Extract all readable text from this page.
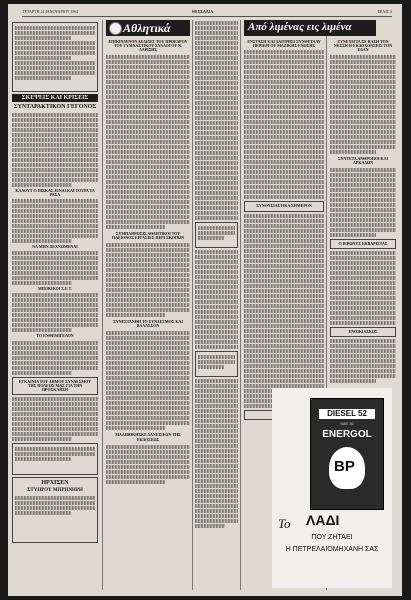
ΤΕΤΑΡΤΗ 24 ΙΑΝΟΥΑΡΙΟΥ 1962	ΘΕΣΣΑΛΙΑ	ΣΕΛΙΣ 3
ΣΚΕΨΕΙΣ ΚΑΙ ΚΡΙΣΕΙΣ
ΣΥΝΤΑΡΑΚΤΙΚΟΝ ΓΕΓΟΝΟΣ
ΚΛΑΟΥΤ Ο ΠΙΣΚΑΣ ΕΙΝΑΙ ΚΑΙ ΤΟΥΡΑ ΤΑ ΡΑΣΑ
ΝΑ ΜΗΝ ΞΕΧΝΩΜΕΝΑΙ
ΜΠΟΚΙΚΟΙ Σ.Ε.Τ.
ΤΟ ΕΝΘΕΜΙΓΕΛΟΝ
ΕΓΚΑΙΝΙΑ ΤΟΥ ΔΗΜΟΥ ΣΥΝΔΕΣΜΟΥ ΤΗΣ ΠΟΛΕΩΣ ΜΑΣ ΓΙΑ ΤΗΝ ΠΡΟΣΚΛΗΣΗ
ΗΡΧΙΣΕΝ
ΣΤΥΠΡΟΥ ΜΠΡΗΝΗΡΗ
Αθλητικά
ΕΠΙΚΙΝΔΥΝΟΝ ΔΕΔΙΔΥΣ ΤΟΥ ΠΡΟΕΔΡΟΥ ΤΟΥ ΓΥΜΝΑΣΤΙΚΟΥ ΣΥΛΛΟΓΟΥ Ν. ΛΑΡΙΣΗΣ
ΣΥΜΠΛΗΡΩΣΙΣ ΑΘΛΗΤΙΚΟΙ ΤΟΥ ΠΛΕΙΟΝΟΣ ΕΡΓΑΣΙΕΣ ΠΕΡΙ ΣΚΟΠΩΝ
ΣΥΝΕΣΤΑΝΘΗ ΤΟ ΣΥΝΔΕΣΜΟΣ ΚΑΙ ΒΑΛΑΣΣΟΝ
ΜΑΛΙΒΟΚΗΣΚΕ ΔΑΝΕΙΣΕΩΝ ΤΗΣ ΕΚΔΟΣΕΩΣ
Από λιμένας εις λιμένα
ΕΝΣΤΑΣΗ ΚΑΙ ΔΑΙΤΡΗΣΙ ΣΥΝΘΕΤΑΛΥ ΠΕΡΙΕΡΓΟΥ ΜΑΖΙΚΗΣ ΕΝΩΣΗΣ
ΣΥΝΟΥΣΙΑΣΤΙΚΑ ΣΗΜΕΡΟΝ
ΣΥΝΕΧΕΙΤΑ ΣΕ ΒΑΣΗ ΤΟΝ ΝΕΣΣΗ Η ΕΚΔΟΧΟΝΣΕΙΣ ΤΟΝ ΕΔΑΝ
ΣΥΝΤΕΤΑ ΑΝΘΡΟΠΟΙ ΚΑΙ ΑΡΚΑΔΩΝ
Ο ΙΕΡΩΝΥΣ ΕΚΒΑΡΙΣΤΑΣ
ΕΝΟΙΚΙΑΣΕΩΣ
DIESEL 52
SAE 30
ENERGOL
BP
Το ΛΑΔΙ
ΠΟΥ ΖΗΤΑΕΙ
Η ΠΕΤΡΕΛΑΙΟΜΗΧΑΝΗ ΣΑΣ
